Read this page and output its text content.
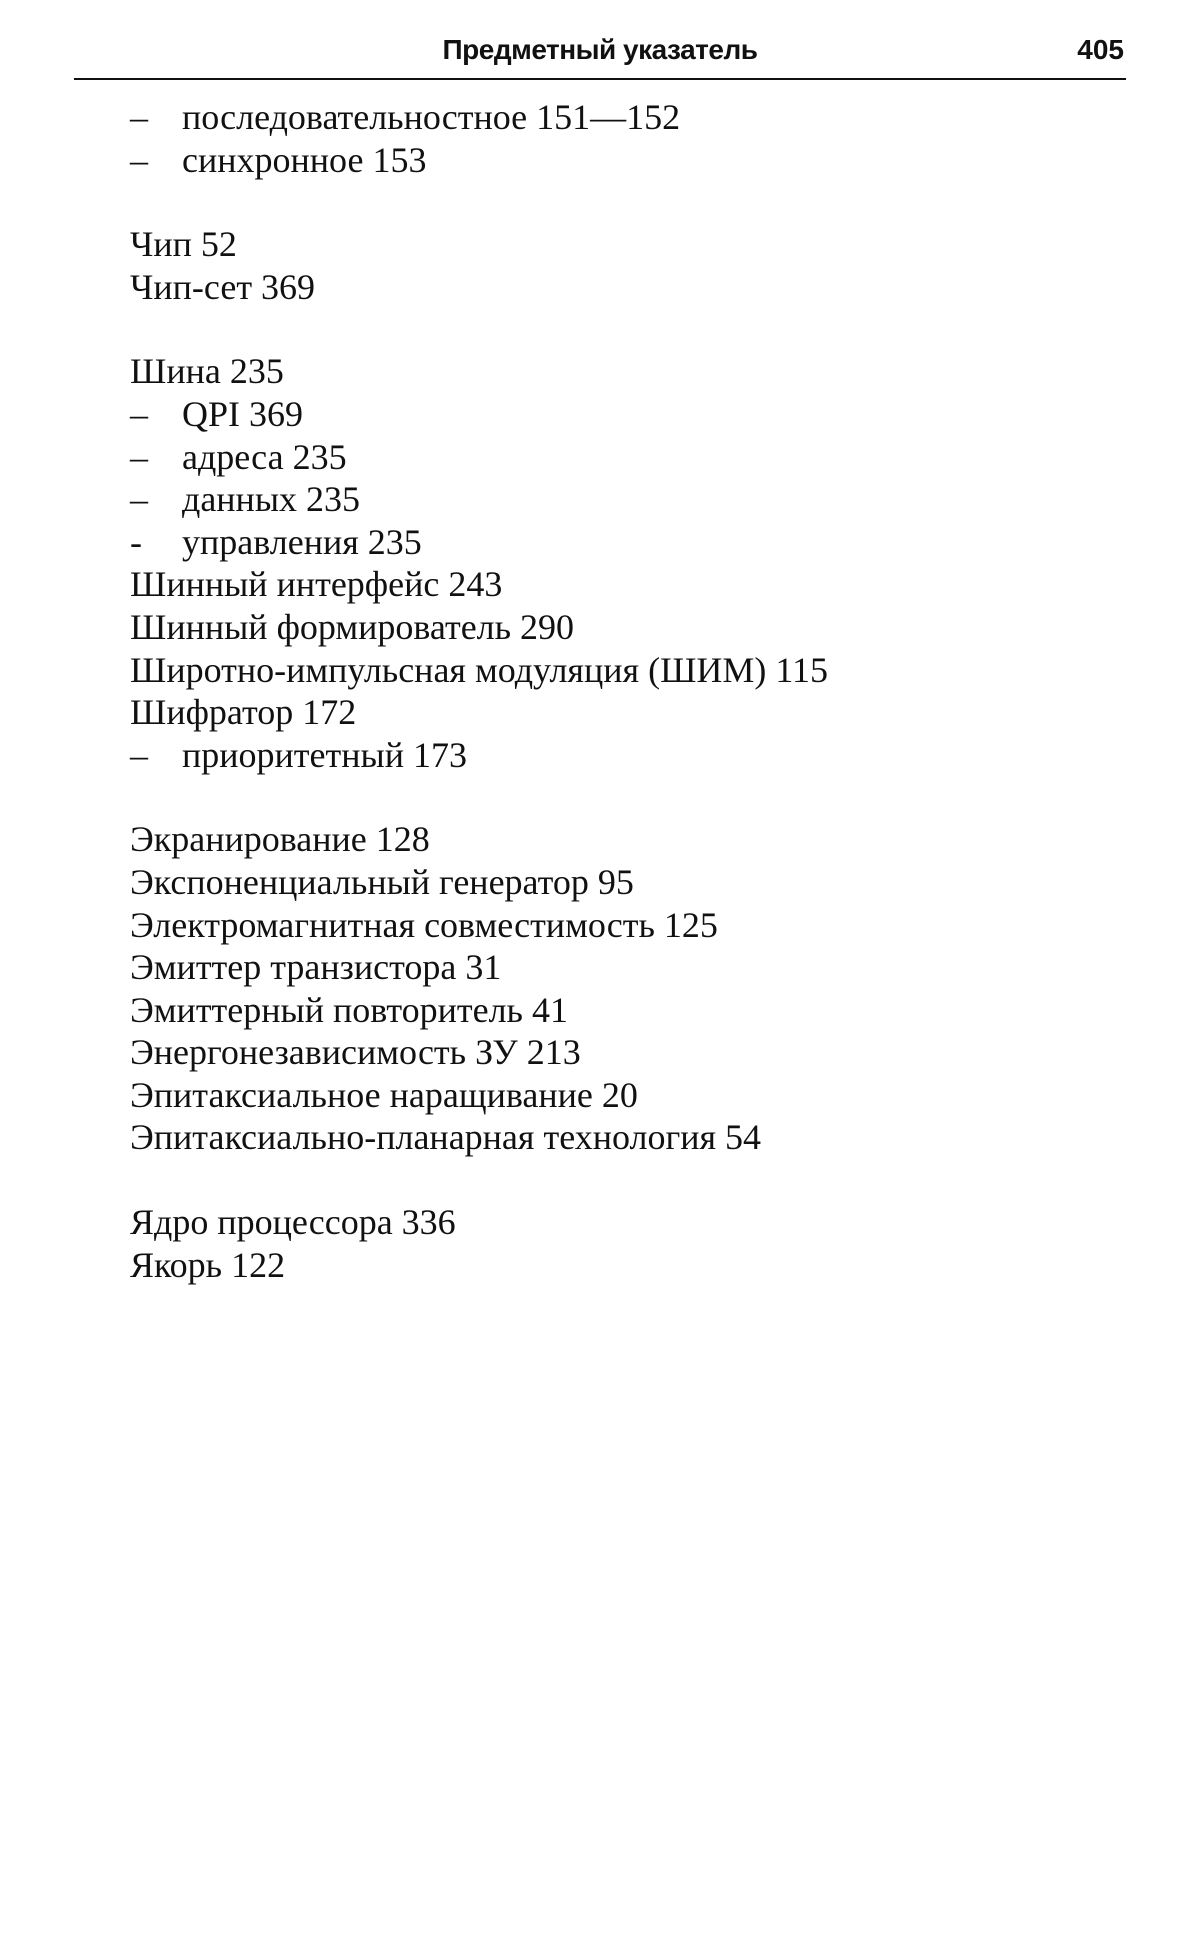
Предметный указатель	405
– последовательностное 151—152
– синхронное 153
Чип 52
Чип-сет 369
Шина 235
– QPI 369
– адреса 235
– данных 235
- управления 235
Шинный интерфейс 243
Шинный формирователь 290
Широтно-импульсная модуляция (ШИМ) 115
Шифратор 172
– приоритетный 173
Экранирование 128
Экспоненциальный генератор 95
Электромагнитная совместимость 125
Эмиттер транзистора 31
Эмиттерный повторитель 41
Энергонезависимость ЗУ 213
Эпитаксиальное наращивание 20
Эпитаксиально-планарная технология 54
Ядро процессора 336
Якорь 122
